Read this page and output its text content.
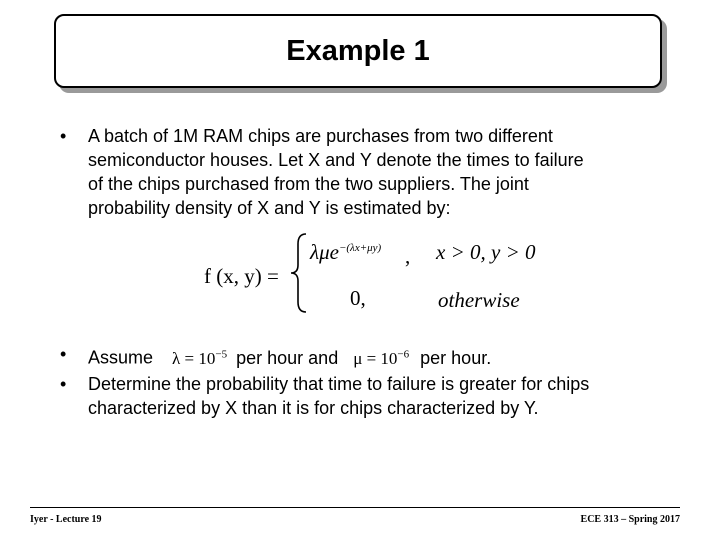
Example 1
• A batch of 1M RAM chips are purchases from two different
semiconductor houses. Let X and Y denote the times to failure
of the chips purchased from the two suppliers. The joint
probability density of X and Y is estimated by:
f (x, y) =
λμe$^{-(\lambda x+\mu y)}$ , x > 0, y > 0
0,	otherwise
• Assume $\lambda = 10^{-5}$ per hour and $\mu = 10^{-6}$ per hour.
• Determine the probability that time to failure is greater for chips
characterized by X than it is for chips characterized by Y.
Iyer - Lecture 19	ECE 313 – Spring 2017
